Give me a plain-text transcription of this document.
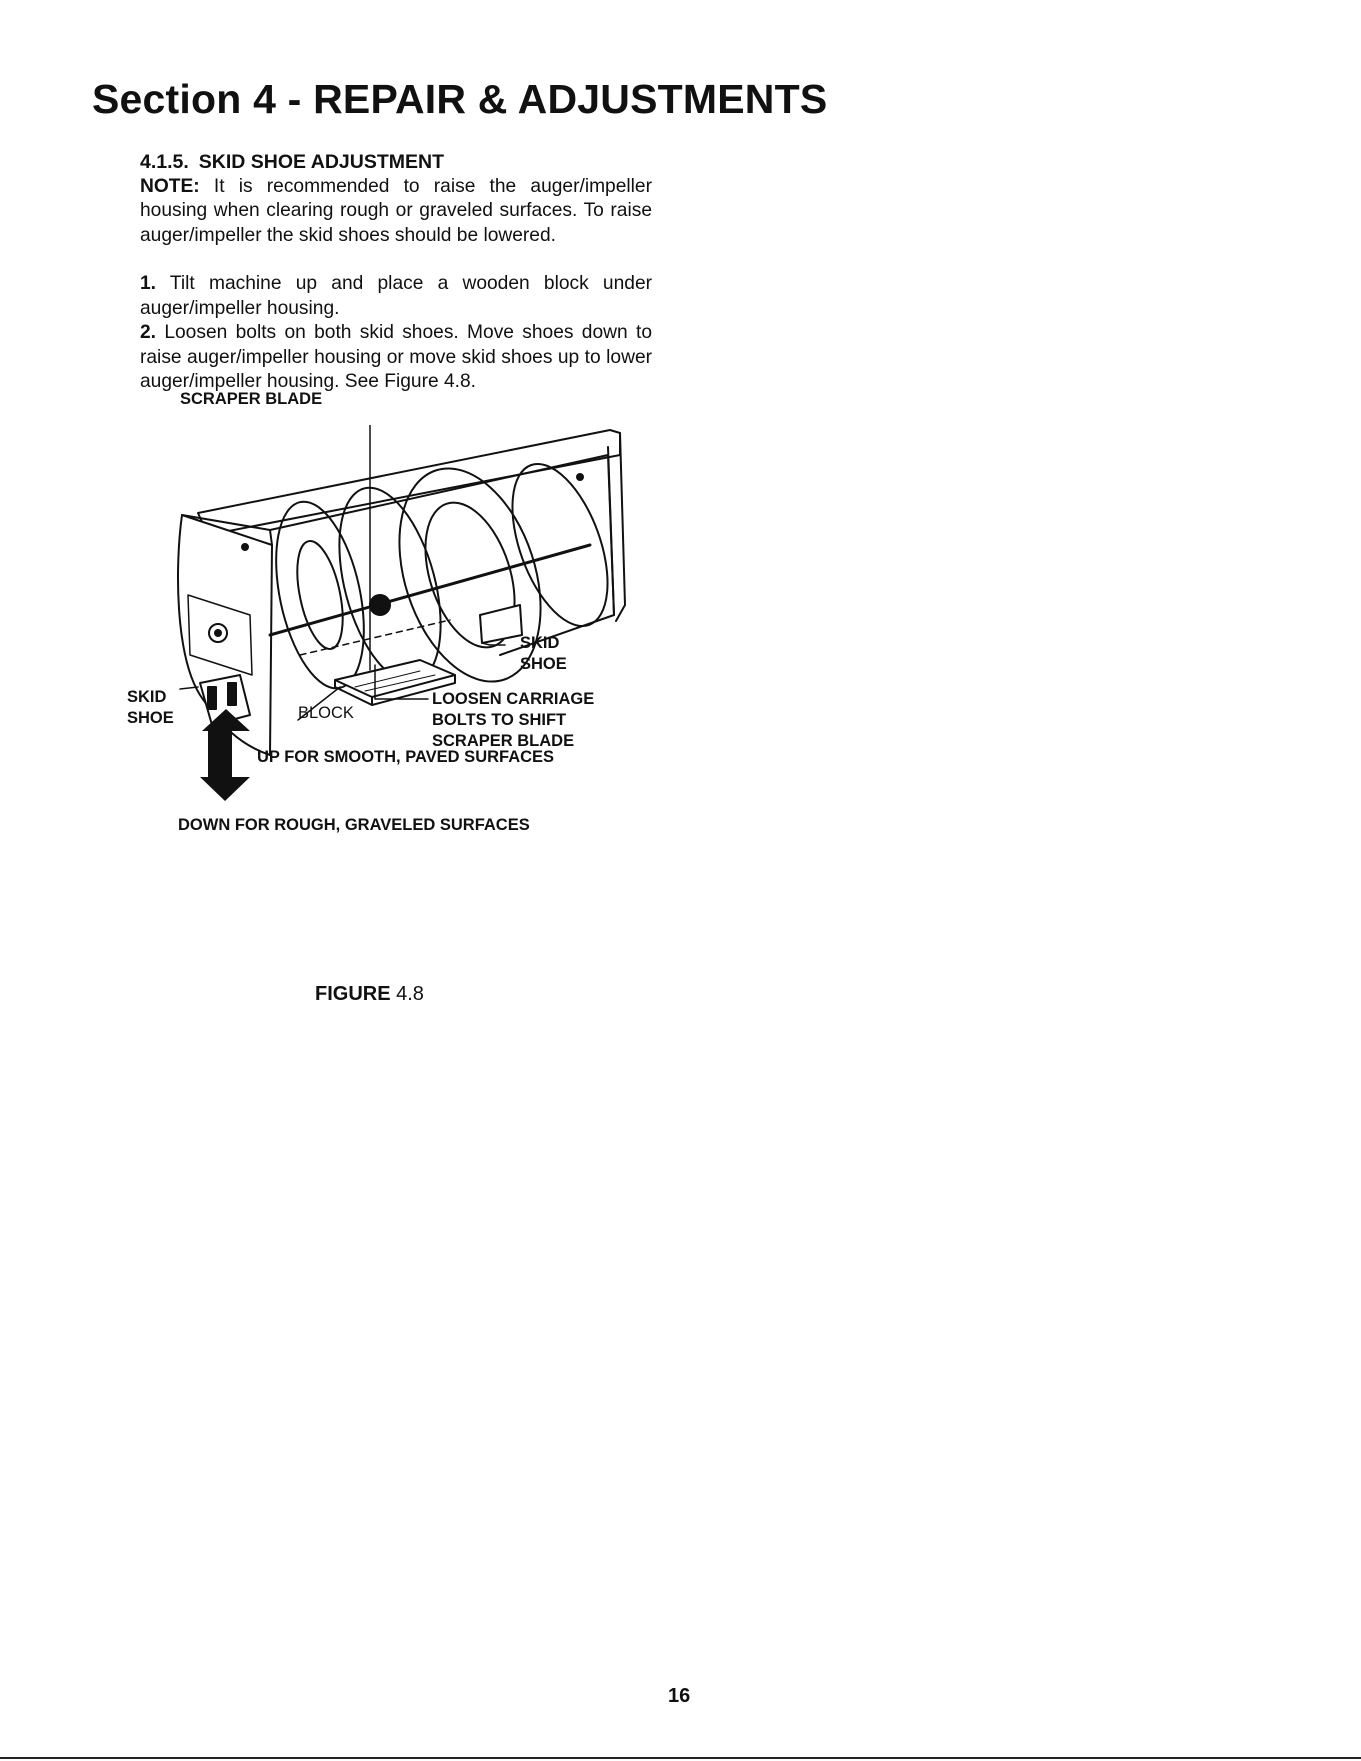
Section 4 - REPAIR & ADJUSTMENTS

4.1.5. SKID SHOE ADJUSTMENT

NOTE: It is recommended to raise the auger/impeller housing when clearing rough or graveled surfaces. To raise auger/impeller the skid shoes should be lowered.

1. Tilt machine up and place a wooden block under auger/impeller housing.

2. Loosen bolts on both skid shoes. Move shoes down to raise auger/impeller housing or move skid shoes up to lower auger/impeller housing. See Figure 4.8.

SCRAPER BLADE
SKID
SHOE
SKID
SHOE	BLOCK
LOOSEN CARRIAGE
BOLTS TO SHIFT
SCRAPER BLADE
UP FOR SMOOTH, PAVED SURFACES
DOWN FOR ROUGH, GRAVELED SURFACES
FIGURE 4.8
16
